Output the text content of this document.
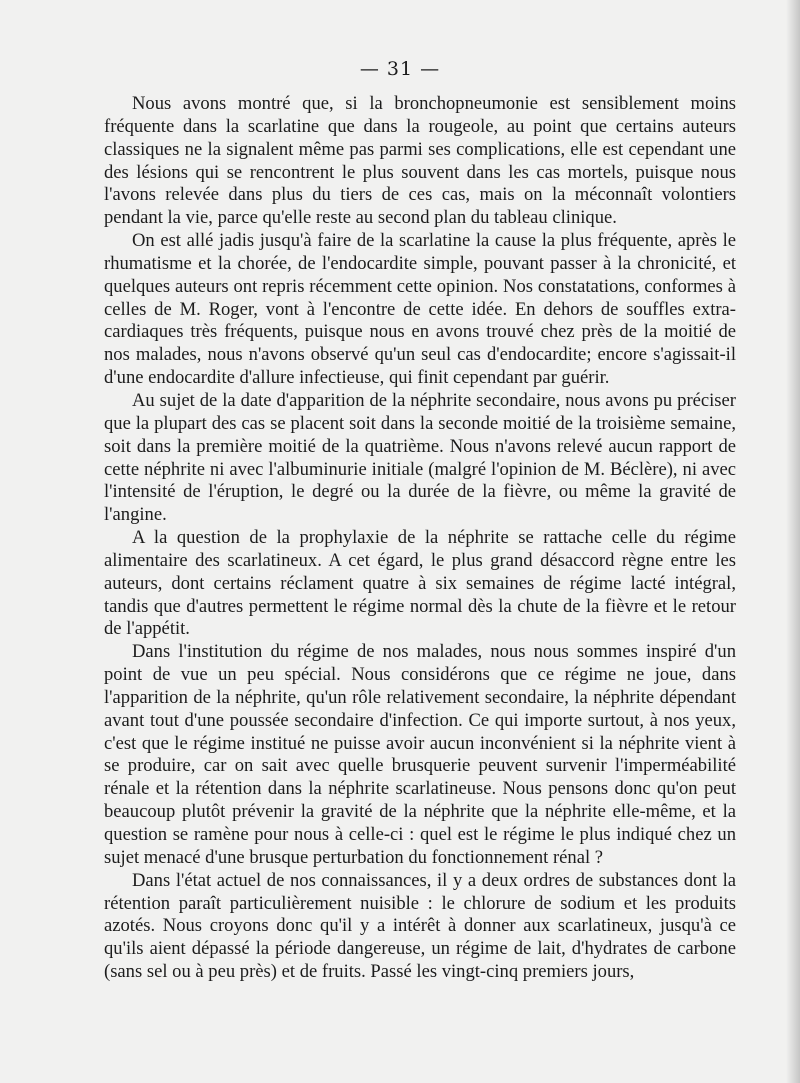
— 31 —

Nous avons montré que, si la bronchopneumonie est sensiblement moins fréquente dans la scarlatine que dans la rougeole, au point que certains auteurs classiques ne la signalent même pas parmi ses complications, elle est cependant une des lésions qui se rencontrent le plus souvent dans les cas mortels, puisque nous l'avons relevée dans plus du tiers de ces cas, mais on la méconnaît volontiers pendant la vie, parce qu'elle reste au second plan du tableau clinique.

On est allé jadis jusqu'à faire de la scarlatine la cause la plus fréquente, après le rhumatisme et la chorée, de l'endocardite simple, pouvant passer à la chronicité, et quelques auteurs ont repris récemment cette opinion. Nos constatations, conformes à celles de M. Roger, vont à l'encontre de cette idée. En dehors de souffles extra-cardiaques très fréquents, puisque nous en avons trouvé chez près de la moitié de nos malades, nous n'avons observé qu'un seul cas d'endocardite; encore s'agissait-il d'une endocardite d'allure infectieuse, qui finit cependant par guérir.

Au sujet de la date d'apparition de la néphrite secondaire, nous avons pu préciser que la plupart des cas se placent soit dans la seconde moitié de la troisième semaine, soit dans la première moitié de la quatrième. Nous n'avons relevé aucun rapport de cette néphrite ni avec l'albuminurie initiale (malgré l'opinion de M. Béclère), ni avec l'intensité de l'éruption, le degré ou la durée de la fièvre, ou même la gravité de l'angine.

A la question de la prophylaxie de la néphrite se rattache celle du régime alimentaire des scarlatineux. A cet égard, le plus grand désaccord règne entre les auteurs, dont certains réclament quatre à six semaines de régime lacté intégral, tandis que d'autres permettent le régime normal dès la chute de la fièvre et le retour de l'appétit.

Dans l'institution du régime de nos malades, nous nous sommes inspiré d'un point de vue un peu spécial. Nous considérons que ce régime ne joue, dans l'apparition de la néphrite, qu'un rôle relativement secondaire, la néphrite dépendant avant tout d'une poussée secondaire d'infection. Ce qui importe surtout, à nos yeux, c'est que le régime institué ne puisse avoir aucun inconvénient si la néphrite vient à se produire, car on sait avec quelle brusquerie peuvent survenir l'imperméabilité rénale et la rétention dans la néphrite scarlatineuse. Nous pensons donc qu'on peut beaucoup plutôt prévenir la gravité de la néphrite que la néphrite elle-même, et la question se ramène pour nous à celle-ci : quel est le régime le plus indiqué chez un sujet menacé d'une brusque perturbation du fonctionnement rénal ?

Dans l'état actuel de nos connaissances, il y a deux ordres de substances dont la rétention paraît particulièrement nuisible : le chlorure de sodium et les produits azotés. Nous croyons donc qu'il y a intérêt à donner aux scarlatineux, jusqu'à ce qu'ils aient dépassé la période dangereuse, un régime de lait, d'hydrates de carbone (sans sel ou à peu près) et de fruits. Passé les vingt-cinq premiers jours,
